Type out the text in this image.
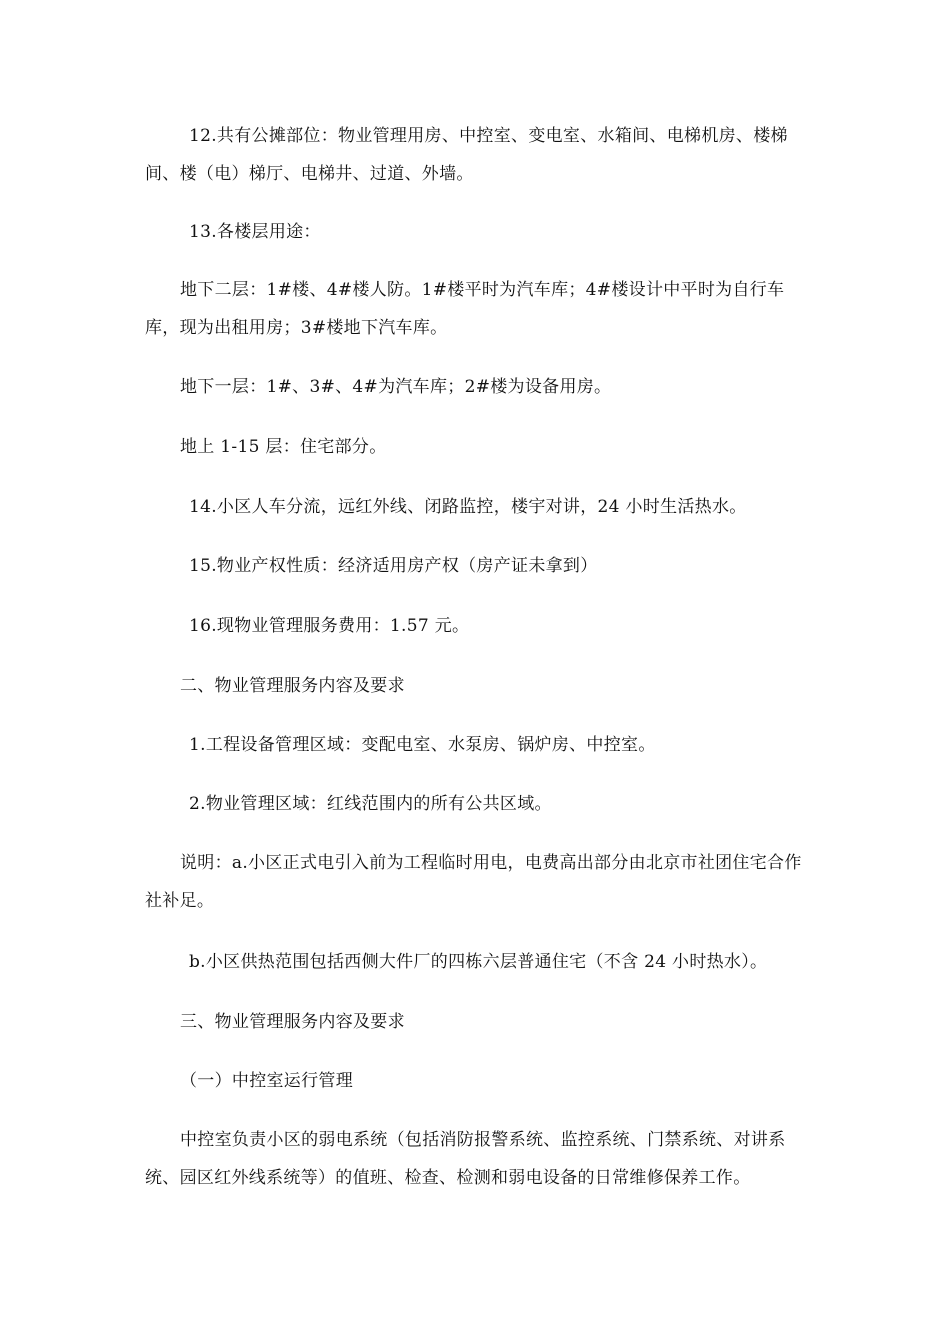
12.共有公摊部位：物业管理用房、中控室、变电室、水箱间、电梯机房、楼梯间、楼（电）梯厅、电梯井、过道、外墙。

13.各楼层用途：

地下二层：1#楼、4#楼人防。1#楼平时为汽车库；4#楼设计中平时为自行车库，现为出租用房；3#楼地下汽车库。

地下一层：1#、3#、4#为汽车库；2#楼为设备用房。

地上 1-15 层：住宅部分。

14.小区人车分流，远红外线、闭路监控，楼宇对讲，24 小时生活热水。

15.物业产权性质：经济适用房产权（房产证未拿到）

16.现物业管理服务费用：1.57 元。

二、物业管理服务内容及要求

1.工程设备管理区域：变配电室、水泵房、锅炉房、中控室。

2.物业管理区域：红线范围内的所有公共区域。

说明：a.小区正式电引入前为工程临时用电，电费高出部分由北京市社团住宅合作社补足。

b.小区供热范围包括西侧大件厂的四栋六层普通住宅（不含 24 小时热水）。

三、物业管理服务内容及要求

（一）中控室运行管理

中控室负责小区的弱电系统（包括消防报警系统、监控系统、门禁系统、对讲系统、园区红外线系统等）的值班、检查、检测和弱电设备的日常维修保养工作。
